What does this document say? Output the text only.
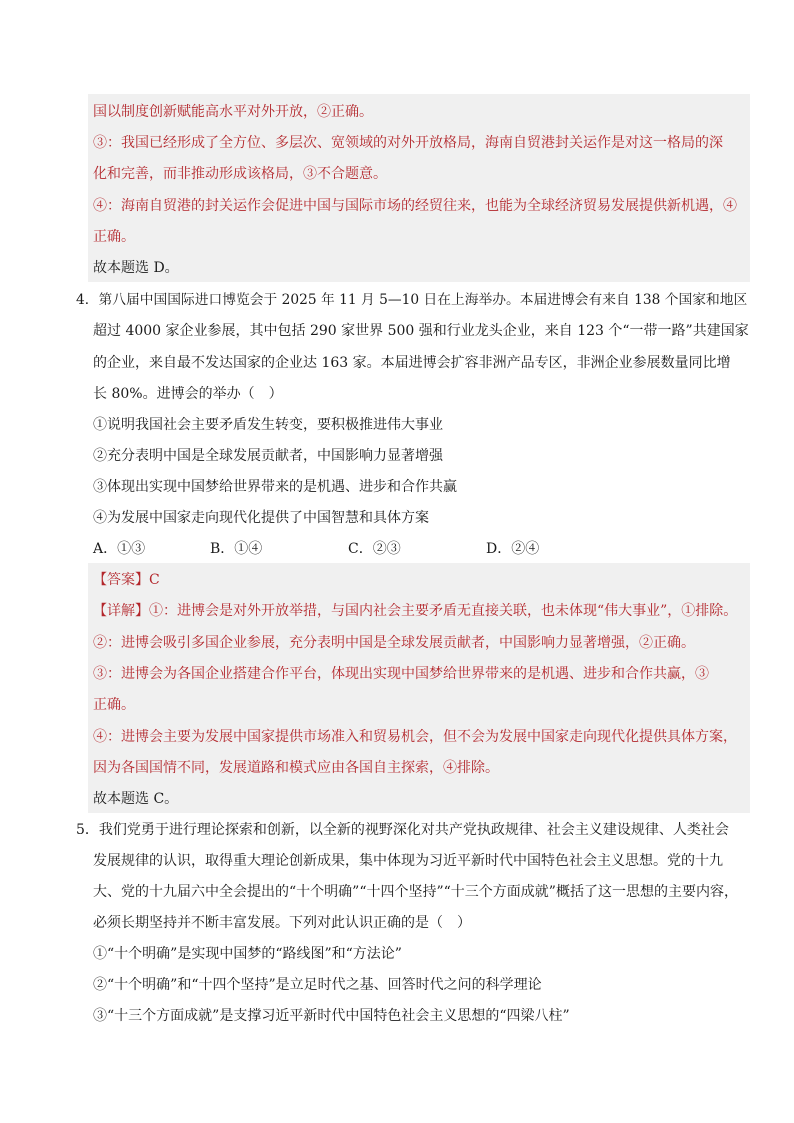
国以制度创新赋能高水平对外开放，②正确。
③：我国已经形成了全方位、多层次、宽领域的对外开放格局，海南自贸港封关运作是对这一格局的深
化和完善，而非推动形成该格局，③不合题意。
④：海南自贸港的封关运作会促进中国与国际市场的经贸往来，也能为全球经济贸易发展提供新机遇，④
正确。
故本题选 D。
4．第八届中国国际进口博览会于 2025 年 11 月 5—10 日在上海举办。本届进博会有来自 138 个国家和地区
超过 4000 家企业参展，其中包括 290 家世界 500 强和行业龙头企业，来自 123 个“一带一路”共建国家
的企业，来自最不发达国家的企业达 163 家。本届进博会扩容非洲产品专区，非洲企业参展数量同比增
长 80%。进博会的举办（　）
①说明我国社会主要矛盾发生转变，要积极推进伟大事业
②充分表明中国是全球发展贡献者，中国影响力显著增强
③体现出实现中国梦给世界带来的是机遇、进步和合作共赢
④为发展中国家走向现代化提供了中国智慧和具体方案
A．①③	B．①④	C．②③	D．②④
【答案】C
【详解】①：进博会是对外开放举措，与国内社会主要矛盾无直接关联，也未体现“伟大事业”，①排除。
②：进博会吸引多国企业参展，充分表明中国是全球发展贡献者，中国影响力显著增强，②正确。
③：进博会为各国企业搭建合作平台，体现出实现中国梦给世界带来的是机遇、进步和合作共赢，③
正确。
④：进博会主要为发展中国家提供市场准入和贸易机会，但不会为发展中国家走向现代化提供具体方案，
因为各国国情不同，发展道路和模式应由各国自主探索，④排除。
故本题选 C。
5．我们党勇于进行理论探索和创新，以全新的视野深化对共产党执政规律、社会主义建设规律、人类社会
发展规律的认识，取得重大理论创新成果，集中体现为习近平新时代中国特色社会主义思想。党的十九
大、党的十九届六中全会提出的“十个明确”“十四个坚持”“十三个方面成就”概括了这一思想的主要内容，
必须长期坚持并不断丰富发展。下列对此认识正确的是（　）
①“十个明确”是实现中国梦的“路线图”和“方法论”
②“十个明确”和“十四个坚持”是立足时代之基、回答时代之问的科学理论
③“十三个方面成就”是支撑习近平新时代中国特色社会主义思想的“四梁八柱”
